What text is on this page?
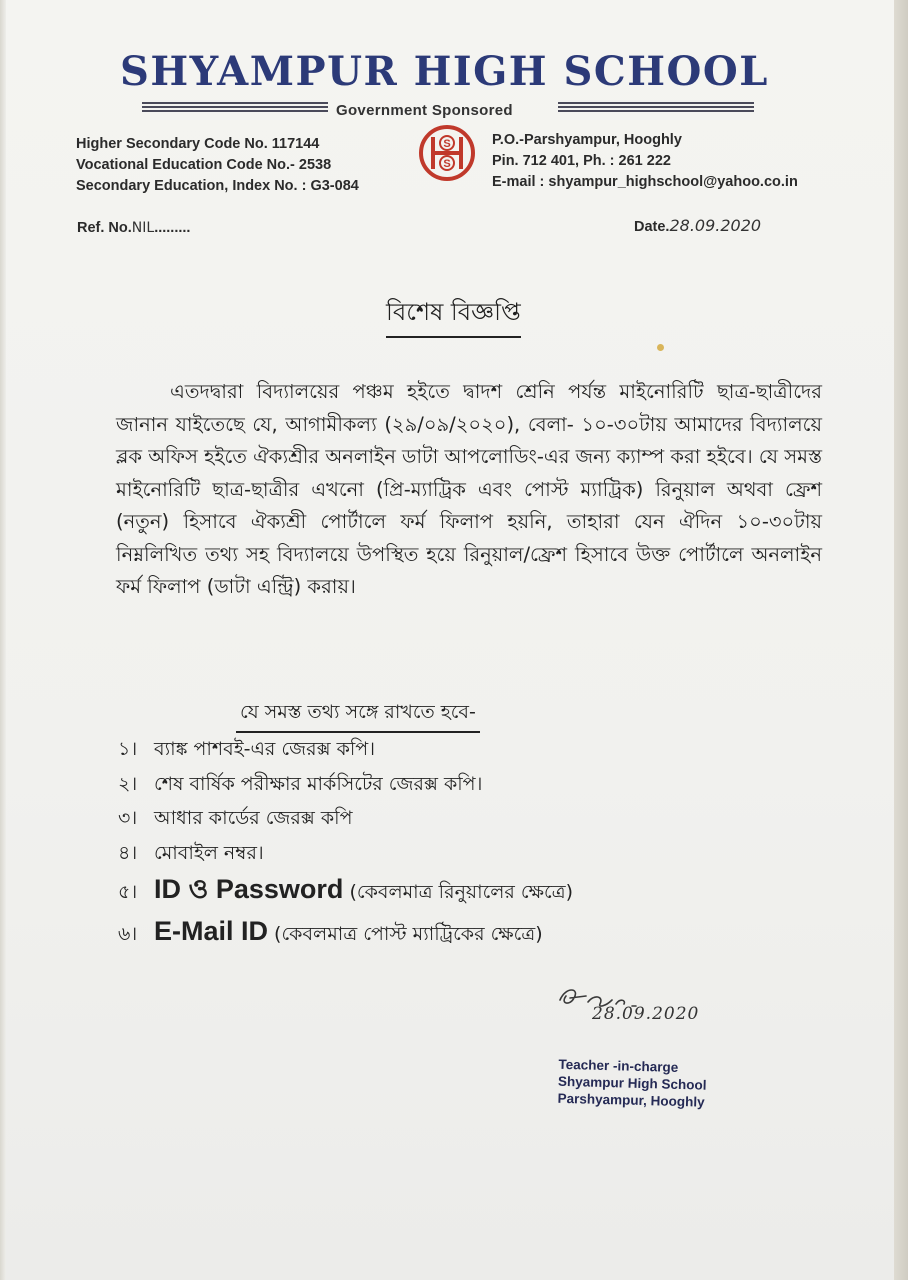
SHYAMPUR HIGH SCHOOL
Government Sponsored
Higher Secondary Code No. 117144
Vocational Education Code No.- 2538
Secondary Education, Index No. : G3-084
S
S
P.O.-Parshyampur, Hooghly
Pin. 712 401, Ph. : 261 222
E-mail : shyampur_highschool@yahoo.co.in
Ref. No.NIL.........	Date.28.09.2020
বিশেষ বিজ্ঞপ্তি
এতদদ্বারা বিদ্যালয়ের পঞ্চম হইতে দ্বাদশ শ্রেনি পর্যন্ত মাইনোরিটি ছাত্র-ছাত্রীদের জানান যাইতেছে যে, আগামীকল্য (২৯/০৯/২০২০), বেলা- ১০-৩০টায় আমাদের বিদ্যালয়ে ব্লক অফিস হইতে ঐক্যশ্রীর অনলাইন ডাটা আপলোডিং-এর জন্য ক্যাম্প করা হইবে। যে সমস্ত মাইনোরিটি ছাত্র-ছাত্রীর এখনো (প্রি-ম্যাট্রিক এবং পোস্ট ম্যাট্রিক) রিনুয়াল অথবা ফ্রেশ (নতুন) হিসাবে ঐক্যশ্রী পোর্টালে ফর্ম ফিলাপ হয়নি, তাহারা যেন ঐদিন ১০-৩০টায় নিম্নলিখিত তথ্য সহ বিদ্যালয়ে উপস্থিত হয়ে রিনুয়াল/ফ্রেশ হিসাবে উক্ত পোর্টালে অনলাইন ফর্ম ফিলাপ (ডাটা এন্ট্রি) করায়।
যে সমস্ত তথ্য সঙ্গে রাখতে হবে-
১। ব্যাঙ্ক পাশবই-এর জেরক্স কপি।
২। শেষ বার্ষিক পরীক্ষার মার্কসিটের জেরক্স কপি।
৩। আধার কার্ডের জেরক্স কপি
৪। মোবাইল নম্বর।
৫। ID ও Password (কেবলমাত্র রিনুয়ালের ক্ষেত্রে)
৬। E-Mail ID (কেবলমাত্র পোস্ট ম্যাট্রিকের ক্ষেত্রে)
28.09.2020
Teacher -in-charge
Shyampur High School
Parshyampur, Hooghly
